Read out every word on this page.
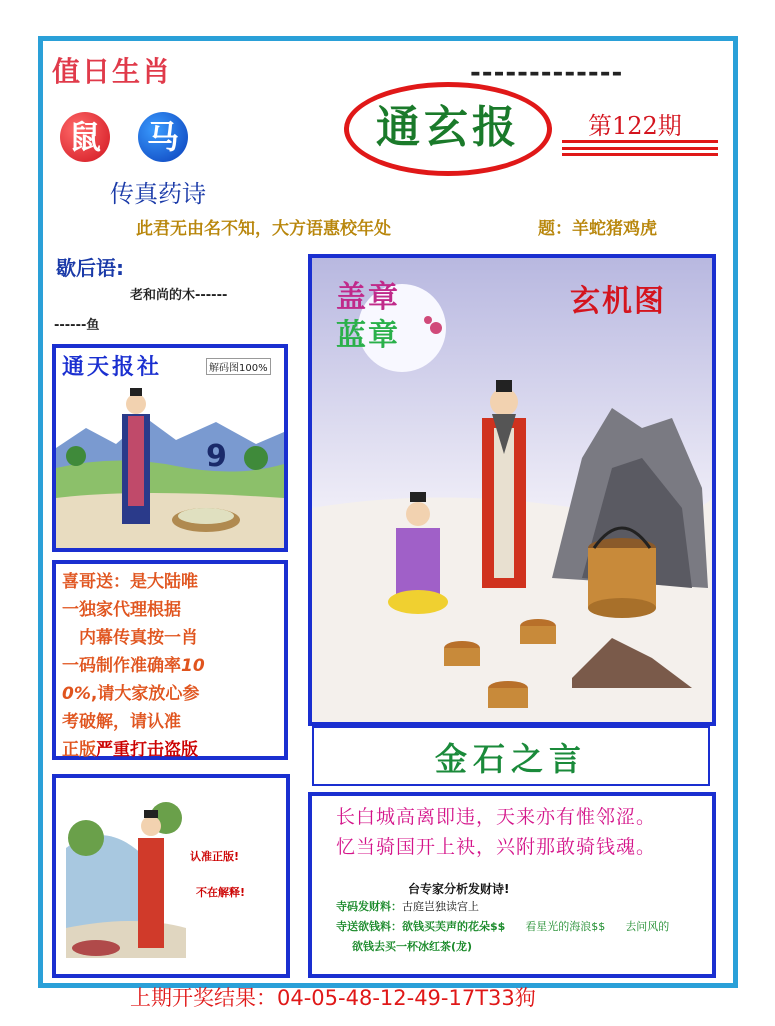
值日生肖	-------------
鼠 马
传真药诗
通玄报	第122期
此君无由名不知，大方语惠校年处	题：羊蛇猪鸡虎
歇后语:
老和尚的木------
------鱼
9
通天报社	解码图100%
喜哥送：是大陆唯
一独家代理根据
　内幕传真按一肖
一码制作准确率10
0%,请大家放心参
考破解，请认准
正版严重打击盗版
认准正版!
不在解释!
盖章
蓝章
玄机图
金石之言
长白城高离即违，天来亦有惟邻涩。
忆当骑国开上袂，兴附那敢骑钱魂。
台专家分析发财诗!
寺码发财料：古庭岂独读宫上
寺送欲钱料：欲钱买芙声的花朵$$ 看星光的海浪$$ 去问风的
欲钱去买一杯冰红茶(龙)
上期开奖结果：04-05-48-12-49-17T33狗
